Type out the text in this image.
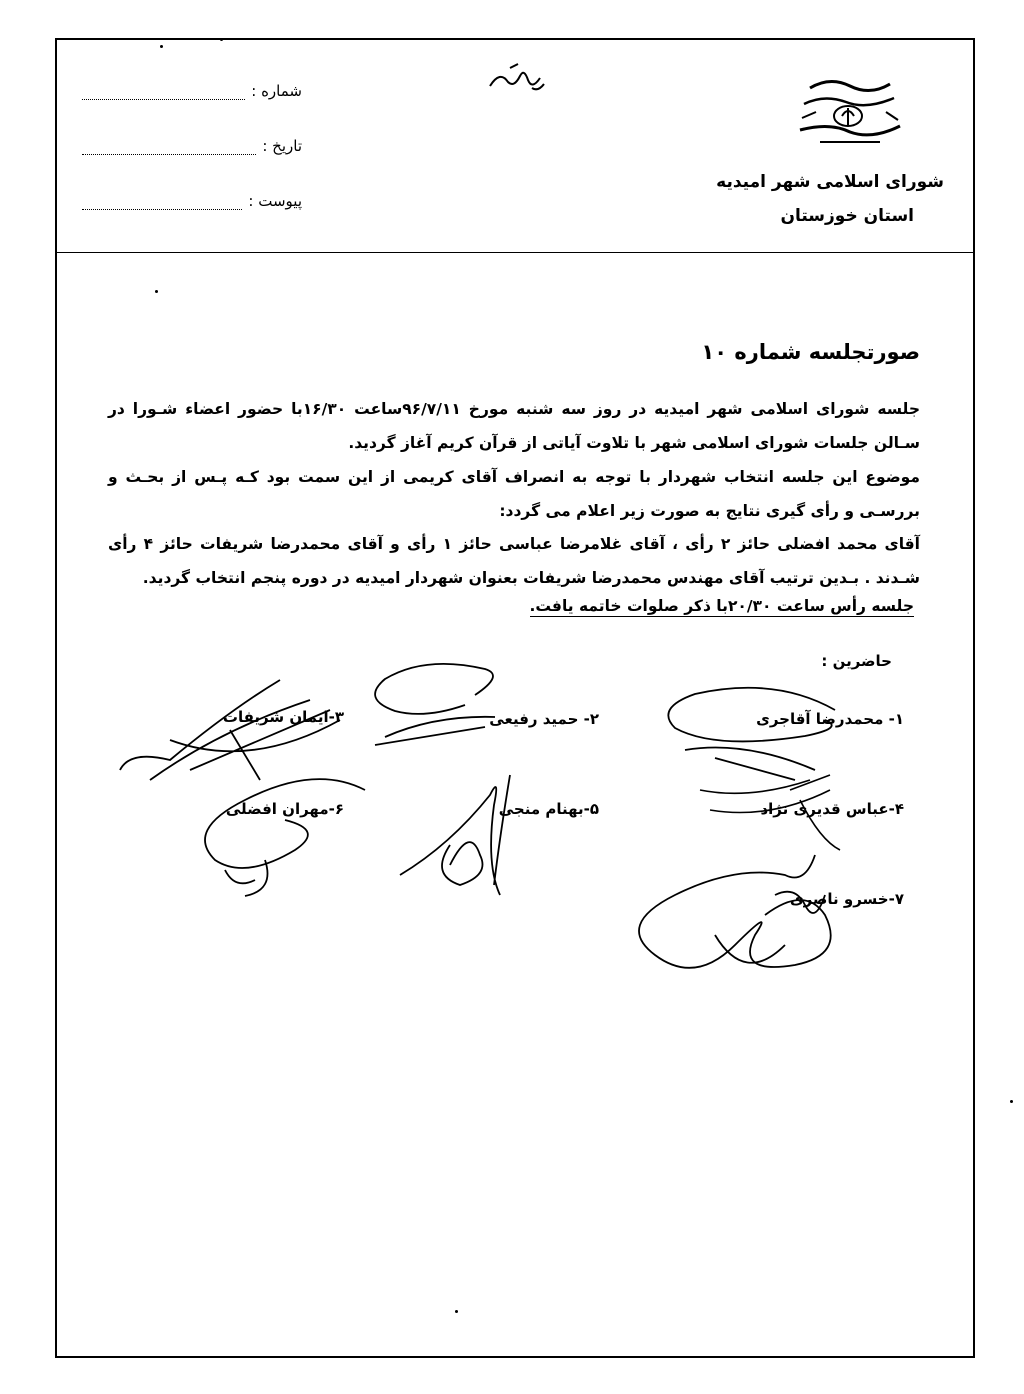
شماره :
تاریخ :
پیوست :
شورای اسلامی شهر امیدیه
استان خوزستان
صورتجلسه شماره ۱۰
جلسه شورای اسلامی شهر امیدیه در روز سه شنبه مورخ ۹۶/۷/۱۱ساعت ۱۶/۳۰با حضور اعضاء شـورا در سـالن جلسات شورای اسلامی شهر با تلاوت آیاتی از قرآن کریم آغاز گردید.
موضوع این جلسه انتخاب شهردار با توجه به انصراف آقای کریمی از این سمت بود کـه پـس از بحـث و بررسـی و رأی گیری نتایج به صورت زیر اعلام می گردد:
آقای محمد افضلی حائز ۲ رأی ، آقای غلامرضا عباسی حائز ۱ رأی و آقای محمدرضا شریفات حائز ۴ رأی شـدند . بـدین ترتیب آقای مهندس محمدرضا شریفات بعنوان شهردار امیدیه در دوره پنجم انتخاب گردید.
جلسه رأس ساعت ۲۰/۳۰با ذکر صلوات خاتمه یافت.
حاضرین :
۱- محمدرضا آقاجری
۲- حمید رفیعی
۳-ایمان شریفات
۴-عباس قدیری نژاد
۵-بهنام منجی
۶-مهران افضلی
۷-خسرو ناصری
